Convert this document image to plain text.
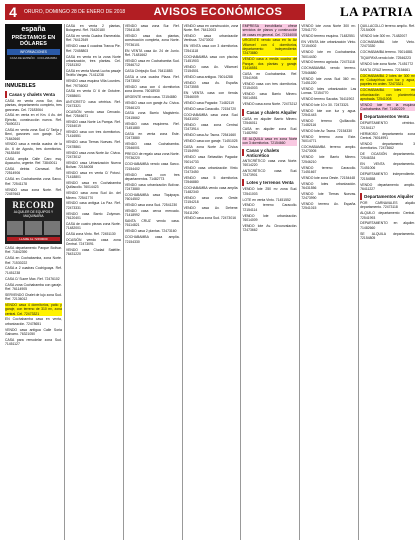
4	ORURO, DOMINGO 28 DE ENERO DE 2018	AVISOS ECONÓMICOS	LA PATRIA
españa
PRÉSTAMOS EN DÓLARES
INFORMACIONES
CASA DE EMPEÑO · COCHABAMBA
INMUEBLES
Casas y chalets Venta
CASA en venta zona Sur, dos plantas, departamento completo, tres garzonas. Cel. 72183064
CASA en venta en el Km. 4 Av. del Ejército, construcción nueva. Ref. 76490221
CASA en venta zona Sud C/ Tarija y Beni, garzones con garaje. Cel. 71842660
VENDO casa a media cuadra de la Av. 6 de Agosto, tres dormitorios. 76183450
CASA amplia Calle Caro esq. Ayacucho, urgente. Ref. 73840011
CASA detrás Carnaval. Ref. 72514906
CASA en Cochabamba zona Sarco. Ref. 72541178
VENDO casa zona Norte. Ref. 72457663
RECORD
ALQUILER DE EQUIPOS Y MAQUINARIA
LLAME AL 72460000
CASA departamento Parque Bolívar. Ref. 71842390
CASA en Cochabamba, zona Norte. Ref. 71530222
CASA a 2 cuadras Cochiguaya. Ref. 71451238
CASA C/ Sucre Max. Ref. 72476102
CASA zona Cochabamba con garaje. Ref. 76114905
SERVENDO Chalet de lujo zona Sud. Ref. 72136012
VENDO casa 4 dormitorios, patio y garaje, con terreno de 310 m², zona central. Cel. 72473321
EN Cochabamba casa en venta, urbanización. 72478651
VENDO casa antigua Calle Soria Galvarro. 76321050
CASA para remodelar zona Sud. 71451127
CASA en venta 2 plantas, Bolognesi. Ref. 76420180
CASA en venta Cuadra Esmeralda. Ref. 76412549
VENDO casa 6 cuadras Tranca Pie. Ref. 72458803
CASA en venta en la zona Norte urbanización, tres plantas. Cel. 72181302
CASA en venta Mamá Lucha pasaje Teófilo Vargas. 71411238
VENDO casa esquina Villa Lourdes. Ref. 79736002
CASA en venta C/ 6 de Octubre. 72458601
ANTICRETO casa céntrica. Ref. 72473321
OCASIÓN vendo casa Cercado. Ref. 72546671
VENDO casa Norte La Pampa. Ref. 72154019
VENDO casa con tres dormitorios. 71416551
VENDO casa Tierras Nuevas. Ref. 72478861
VENDO casa zona Norte Av. Cívica. 72473012
VENDO casa Urbanización Nueva Bolívar. 72154008
VENDO casa en venta C/ Potosí. 71418801
VENDO casa en Cochabamba Quillacollo. 76014423
VENDO casa zona Sud Av. del Minero. 72541770
VENDO casa antigua La Paz. Ref. 72473331
VENDO casa Barrio Zolyman. 76120401
CASA de cuatro piezas zona Norte. 71482001
CASA zona Vinto. Ref. 72451130
OCASIÓN vendo casa zona Central. 72473091
VENDO casa Ciudad Satélite. 76431220
VENDO casa zona Sur. Ref. 72541108
VENDO casa dos plantas, construcción completa, zona Norte. 79736101
EN VENTA casa Av. 24 de Junio. Ref. 71481662
VENDO casa en Cochabamba Sud. 72546712
CASA Chiripujio Sud. 76411883
CASA a una cuadra Plaza. Ref. 72473502
VENDO casa con 4 dormitorios zona Aroma. 76018930
URGENTE vendo casa. 72154880
VENDO casa con garaje Av. Cívica. 72546123
CASA zona Barrio Magisterio. 72415662
VENDO casa esquinera. Ref. 71451880
CASA en venta zona Este. 72473880
VENDO casa Cochabamba. 72546001
PRECIO de regalo casa zona Norte. 79736220
COCHABAMBA vendo casa Sarco. 72154402
VENDO casa con tres departamentos. 71482773
VENDO casa urbanización Bolívar. 72473880
COCHABAMBA casa Tiquipaya. 76014502
VENDO casa zona Sud. 72541230
VENDO casa cerca mercado. 71418992
SANTA CRUZ vendo casa. 76114821
VENDO casa 2 plantas. 72473160
COCHABAMBA casa amplia. 72154330
VENDO casa en construcción, zona Norte. Ref. 76412003
VENDO casa urbanización Ventisca. 72473002
EN VENTA casa con 3 dormitorios. 72541118
COCHABAMBA casa con piscina. 71451903
VENDO casa Av. Villarroel. 72154501
VENDO casa antigua. 76014288
VENDO casa Av. España. 72473555
EN VENTA casa con tienda. 72546009
VENDO casa Pagador. 71482119
VENDO casa Caracollo. 72154720
COCHABAMBA casa zona Sud. 76431002
VENDO casa zona Central. 72473914
VENDO casa Av. Tacna. 72541660
VENDO casa con garaje. 71451025
CASA zona Norte Av. Cívica. 72154990
VENDO casa Sebastián Pagador. 76014733
VENDO casa urbanización Vinto. 72473450
VENDO casa 5 dormitorios. 72546880
COCHABAMBA vendo casa amplia. 71482340
VENDO casa zona Oeste. 72154218
VENDO casa Av. Dehene. 76411290
VENDO casa zona Sud. 72473016
EMPRESA inmobiliaria ofrece servicios de planos y construcción de casas en general. Cel. 72154008
URGENTE vendo casa en la Av. Villarroel con 4 dormitorios, departamento independiente. 72473880
VENDO casa a media cuadra del Parque, dos plantas y garaje. 71416551
CASA en Cochabamba. Ref. 72541908
VENDO casa con tres dormitorios. 72154003
VENDO casa Barrio Minero. 76014551
VENDO casa zona Norte. 72473212
Casas y chalets Alquiler
CASA en alquiler Barrio Minero. 72546011
CASA en alquiler zona Sud. 71482992
SE ALQUILA casa en zona Norte con 3 dormitorios. 72154660
Casas y chalets Anticrético
ANTICRÉTICO casa zona Norte. 76014220
ANTICRÉTICO casa Sud. 72473901
Lotes y terrenos Venta
VENDO lote 250 m² zona Sud. 72541003
LOTE en venta Vinto. 71451552
VENDO terreno Caracollo. 72154114
VENDO lote urbanización. 76014009
VENDO lote Av. Circunvalación. 72473662
VENDO lote zona Norte 300 m². 72541770
VENDO terreno esquina. 71482551
EN VENTA lote urbanización Vinto. 72154002
VENDO lote en Cochabamba. 76014430
VENDO terreno agrícola. 72473118
COCHABAMBA vendo terreno. 72546880
VENDO lote zona Sud 360 m². 71451220
VENDO lotes urbanización Las Lomas. 72154770
VENDO terreno Sacaba. 76411902
VENDO lote 10 x 30. 72473321
VENDO lote con luz y agua. 72541443
VENDO terreno Quillacollo. 71482116
VENDO lote Av. Tacna. 72154330
VENDO terreno zona Este. 76014771
COCHABAMBA terreno amplio. 72473005
VENDO lote Barrio Minero. 72546210
VENDO terreno Caracollo. 71451667
VENDO lote zona Oeste. 72154448
VENDO lotes urbanización. 76431556
VENDO lote Tierras Nuevas. 72473990
VENDO terreno Av. España. 72541015
QUILLACOLLO terreno amplio. Ref. 72154009
VENDO lote 300 m². 71482007
COCHABAMBA lote Vinto. 72473330
COCHABAMBA terreno. 76014881
TIQUIPAYA vendo lote. 72546223
VENDO lote zona Norte. 71451772
SANTA CRUZ terreno. 72154661
COCHABAMBA 2 lotes de 300 m² en Colcapirhua con luz y agua, papeles en orden. 72473321
COCHABAMBA lotes en urbanización con planimetría aprobada. 72541008
VENDO lote en la esquina Cochabamba. Ref. 71482229
Departamentos Venta
DEPARTAMENTO céntrico. 72154117
HERMOSO departamento zona Central. 76014991
VENDO departamento 3 dormitorios. 72473662
DE OCASIÓN departamento. 72546334
EN VENTA departamento. 71451006
DEPARTAMENTO independiente. 72154558
VENDO departamento amplio. 76411227
Departamentos Alquiler
POR CARNAVALES alquilo departamento. 72473118
ALQUILO departamento Central. 72541993
DEPARTAMENTO en alquiler. 71482660
SE ALQUILA departamento. 72154805
